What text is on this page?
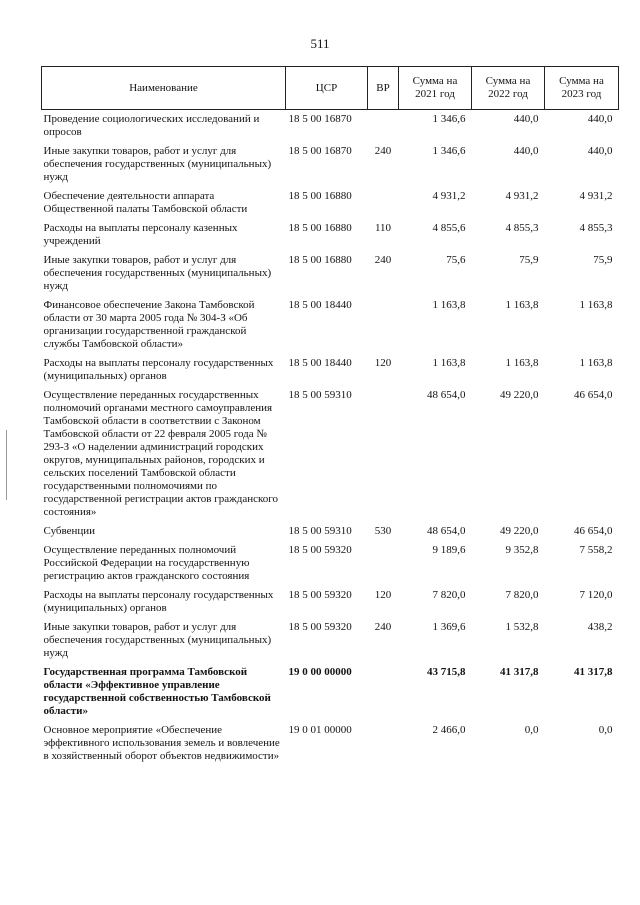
511
Наименование	ЦСР	ВР	Сумма на 2021 год	Сумма на 2022 год	Сумма на 2023 год
Проведение социологических исследований и опросов	18 5 00 16870		1 346,6	440,0	440,0
Иные закупки товаров, работ и услуг для обеспечения государственных (муниципальных) нужд	18 5 00 16870	240	1 346,6	440,0	440,0
Обеспечение деятельности аппарата Общественной палаты Тамбовской области	18 5 00 16880		4 931,2	4 931,2	4 931,2
Расходы на выплаты персоналу казенных учреждений	18 5 00 16880	110	4 855,6	4 855,3	4 855,3
Иные закупки товаров, работ и услуг для обеспечения государственных (муниципальных) нужд	18 5 00 16880	240	75,6	75,9	75,9
Финансовое обеспечение Закона Тамбовской области от 30 марта 2005 года № 304-З «Об организации государственной гражданской службы Тамбовской области»	18 5 00 18440		1 163,8	1 163,8	1 163,8
Расходы на выплаты персоналу государственных (муниципальных) органов	18 5 00 18440	120	1 163,8	1 163,8	1 163,8
Осуществление переданных государственных полномочий органами местного самоуправления Тамбовской области в соответствии с Законом Тамбовской области от 22 февраля 2005 года № 293-З «О наделении администраций городских округов, муниципальных районов, городских и сельских поселений Тамбовской области государственными полномочиями по государственной регистрации актов гражданского состояния»	18 5 00 59310		48 654,0	49 220,0	46 654,0
Субвенции	18 5 00 59310	530	48 654,0	49 220,0	46 654,0
Осуществление переданных полномочий Российской Федерации на государственную регистрацию актов гражданского состояния	18 5 00 59320		9 189,6	9 352,8	7 558,2
Расходы на выплаты персоналу государственных (муниципальных) органов	18 5 00 59320	120	7 820,0	7 820,0	7 120,0
Иные закупки товаров, работ и услуг для обеспечения государственных (муниципальных) нужд	18 5 00 59320	240	1 369,6	1 532,8	438,2
Государственная программа Тамбовской области «Эффективное управление государственной собственностью Тамбовской области»	19 0 00 00000		43 715,8	41 317,8	41 317,8
Основное мероприятие «Обеспечение эффективного использования земель и вовлечение в хозяйственный оборот объектов недвижимости»	19 0 01 00000		2 466,0	0,0	0,0
